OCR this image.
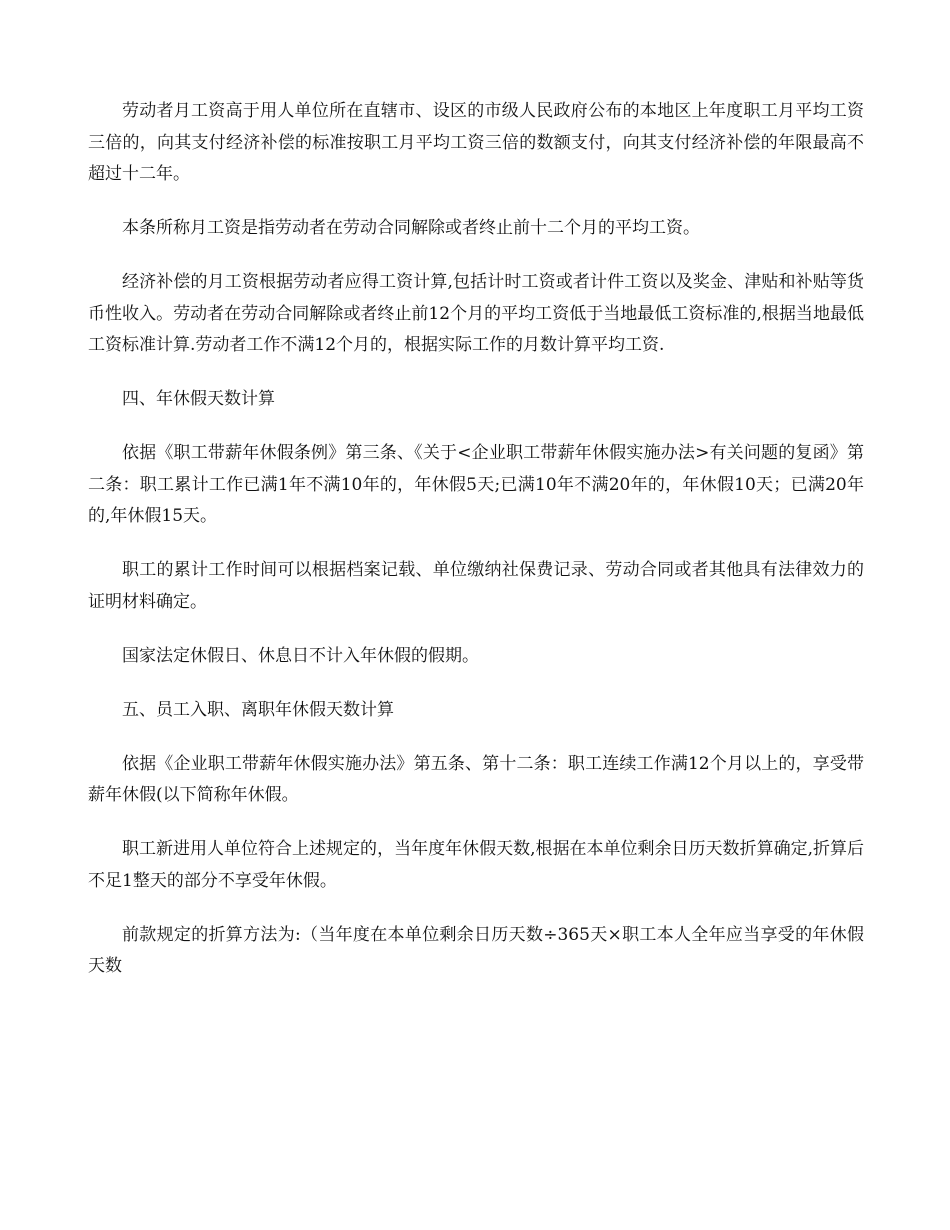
劳动者月工资高于用人单位所在直辖市、设区的市级人民政府公布的本地区上年度职工月平均工资三倍的，向其支付经济补偿的标准按职工月平均工资三倍的数额支付，向其支付经济补偿的年限最高不超过十二年。

本条所称月工资是指劳动者在劳动合同解除或者终止前十二个月的平均工资。

经济补偿的月工资根据劳动者应得工资计算,包括计时工资或者计件工资以及奖金、津贴和补贴等货币性收入。劳动者在劳动合同解除或者终止前12个月的平均工资低于当地最低工资标准的,根据当地最低工资标准计算.劳动者工作不满12个月的，根据实际工作的月数计算平均工资.

四、年休假天数计算

依据《职工带薪年休假条例》第三条、《关于<企业职工带薪年休假实施办法>有关问题的复函》第二条：职工累计工作已满1年不满10年的，年休假5天;已满10年不满20年的，年休假10天；已满20年的,年休假15天。

职工的累计工作时间可以根据档案记载、单位缴纳社保费记录、劳动合同或者其他具有法律效力的证明材料确定。

国家法定休假日、休息日不计入年休假的假期。

五、员工入职、离职年休假天数计算

依据《企业职工带薪年休假实施办法》第五条、第十二条：职工连续工作满12个月以上的，享受带薪年休假(以下简称年休假。

职工新进用人单位符合上述规定的，当年度年休假天数,根据在本单位剩余日历天数折算确定,折算后不足1整天的部分不享受年休假。

前款规定的折算方法为:（当年度在本单位剩余日历天数÷365天×职工本人全年应当享受的年休假天数
